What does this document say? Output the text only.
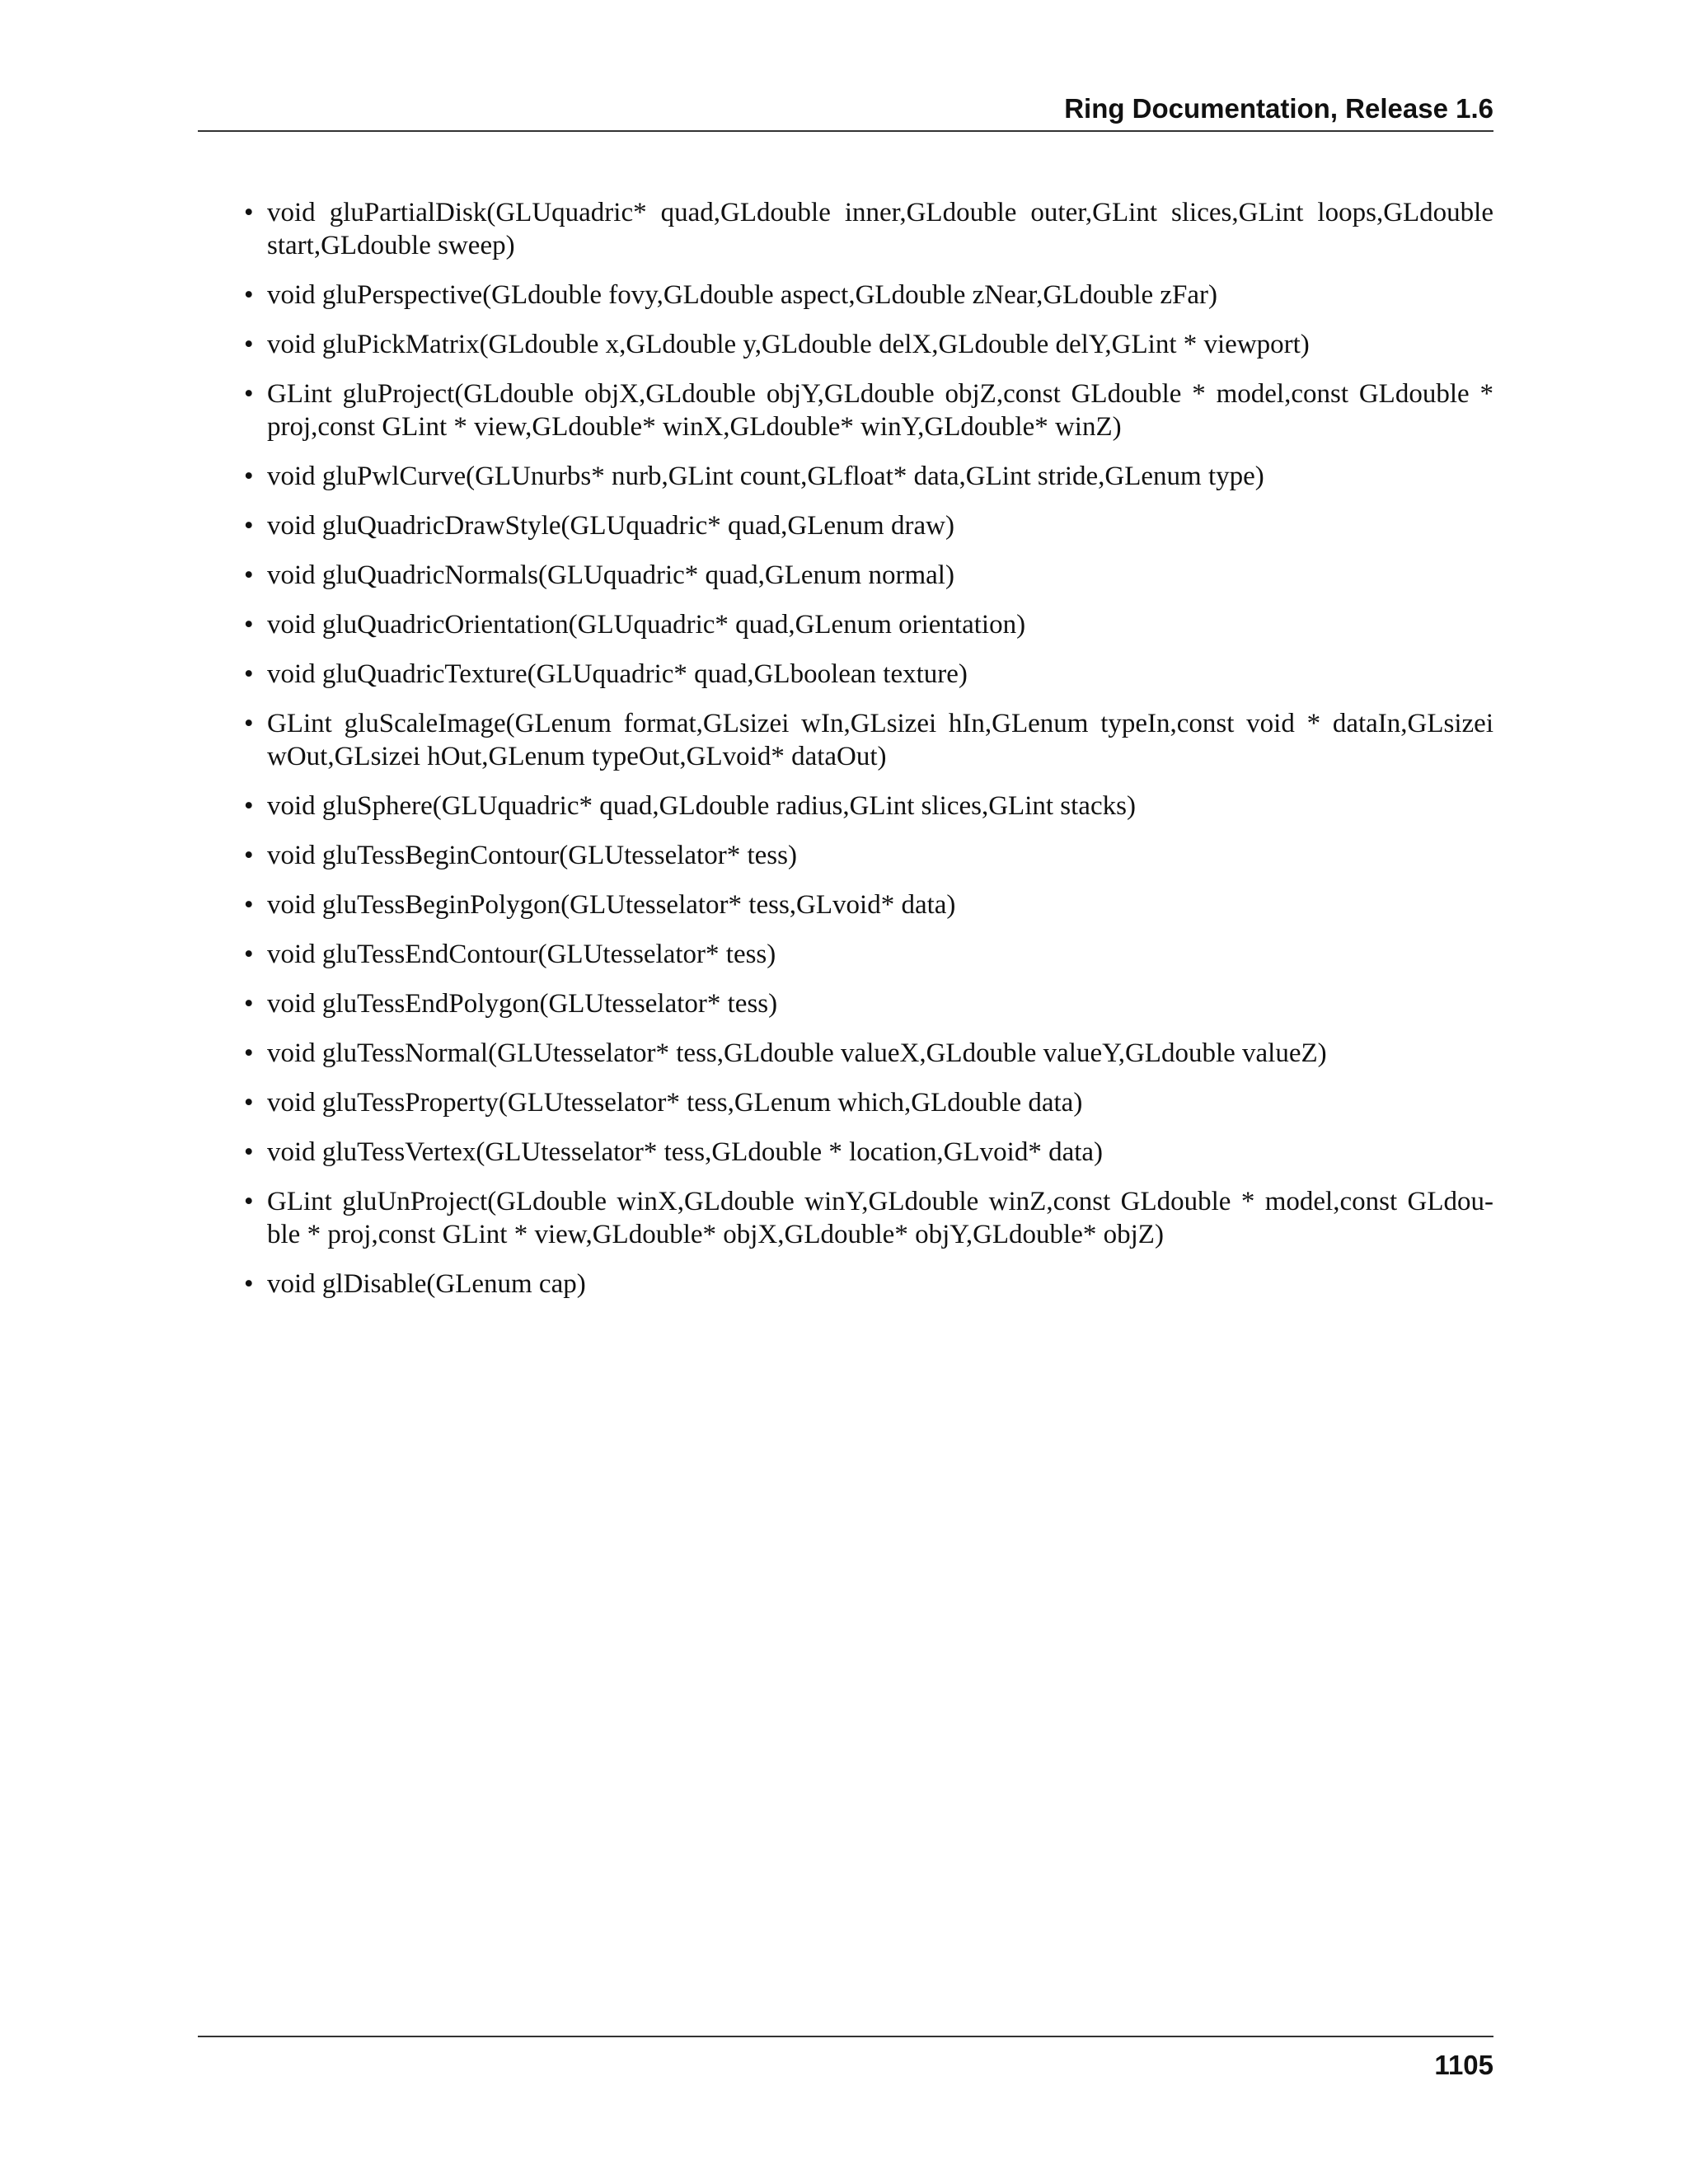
Ring Documentation, Release 1.6
• void gluPartialDisk(GLUquadric* quad,GLdouble inner,GLdouble outer,GLint slices,GLint loops,GLdouble start,GLdouble sweep)
• void gluPerspective(GLdouble fovy,GLdouble aspect,GLdouble zNear,GLdouble zFar)
• void gluPickMatrix(GLdouble x,GLdouble y,GLdouble delX,GLdouble delY,GLint * viewport)
• GLint gluProject(GLdouble objX,GLdouble objY,GLdouble objZ,const GLdouble * model,const GLdouble * proj,const GLint * view,GLdouble* winX,GLdouble* winY,GLdouble* winZ)
• void gluPwlCurve(GLUnurbs* nurb,GLint count,GLfloat* data,GLint stride,GLenum type)
• void gluQuadricDrawStyle(GLUquadric* quad,GLenum draw)
• void gluQuadricNormals(GLUquadric* quad,GLenum normal)
• void gluQuadricOrientation(GLUquadric* quad,GLenum orientation)
• void gluQuadricTexture(GLUquadric* quad,GLboolean texture)
• GLint gluScaleImage(GLenum format,GLsizei wIn,GLsizei hIn,GLenum typeIn,const void * dataIn,GLsizei wOut,GLsizei hOut,GLenum typeOut,GLvoid* dataOut)
• void gluSphere(GLUquadric* quad,GLdouble radius,GLint slices,GLint stacks)
• void gluTessBeginContour(GLUtesselator* tess)
• void gluTessBeginPolygon(GLUtesselator* tess,GLvoid* data)
• void gluTessEndContour(GLUtesselator* tess)
• void gluTessEndPolygon(GLUtesselator* tess)
• void gluTessNormal(GLUtesselator* tess,GLdouble valueX,GLdouble valueY,GLdouble valueZ)
• void gluTessProperty(GLUtesselator* tess,GLenum which,GLdouble data)
• void gluTessVertex(GLUtesselator* tess,GLdouble * location,GLvoid* data)
• GLint gluUnProject(GLdouble winX,GLdouble winY,GLdouble winZ,const GLdouble * model,const GLdou- ble * proj,const GLint * view,GLdouble* objX,GLdouble* objY,GLdouble* objZ)
• void glDisable(GLenum cap)
1105
